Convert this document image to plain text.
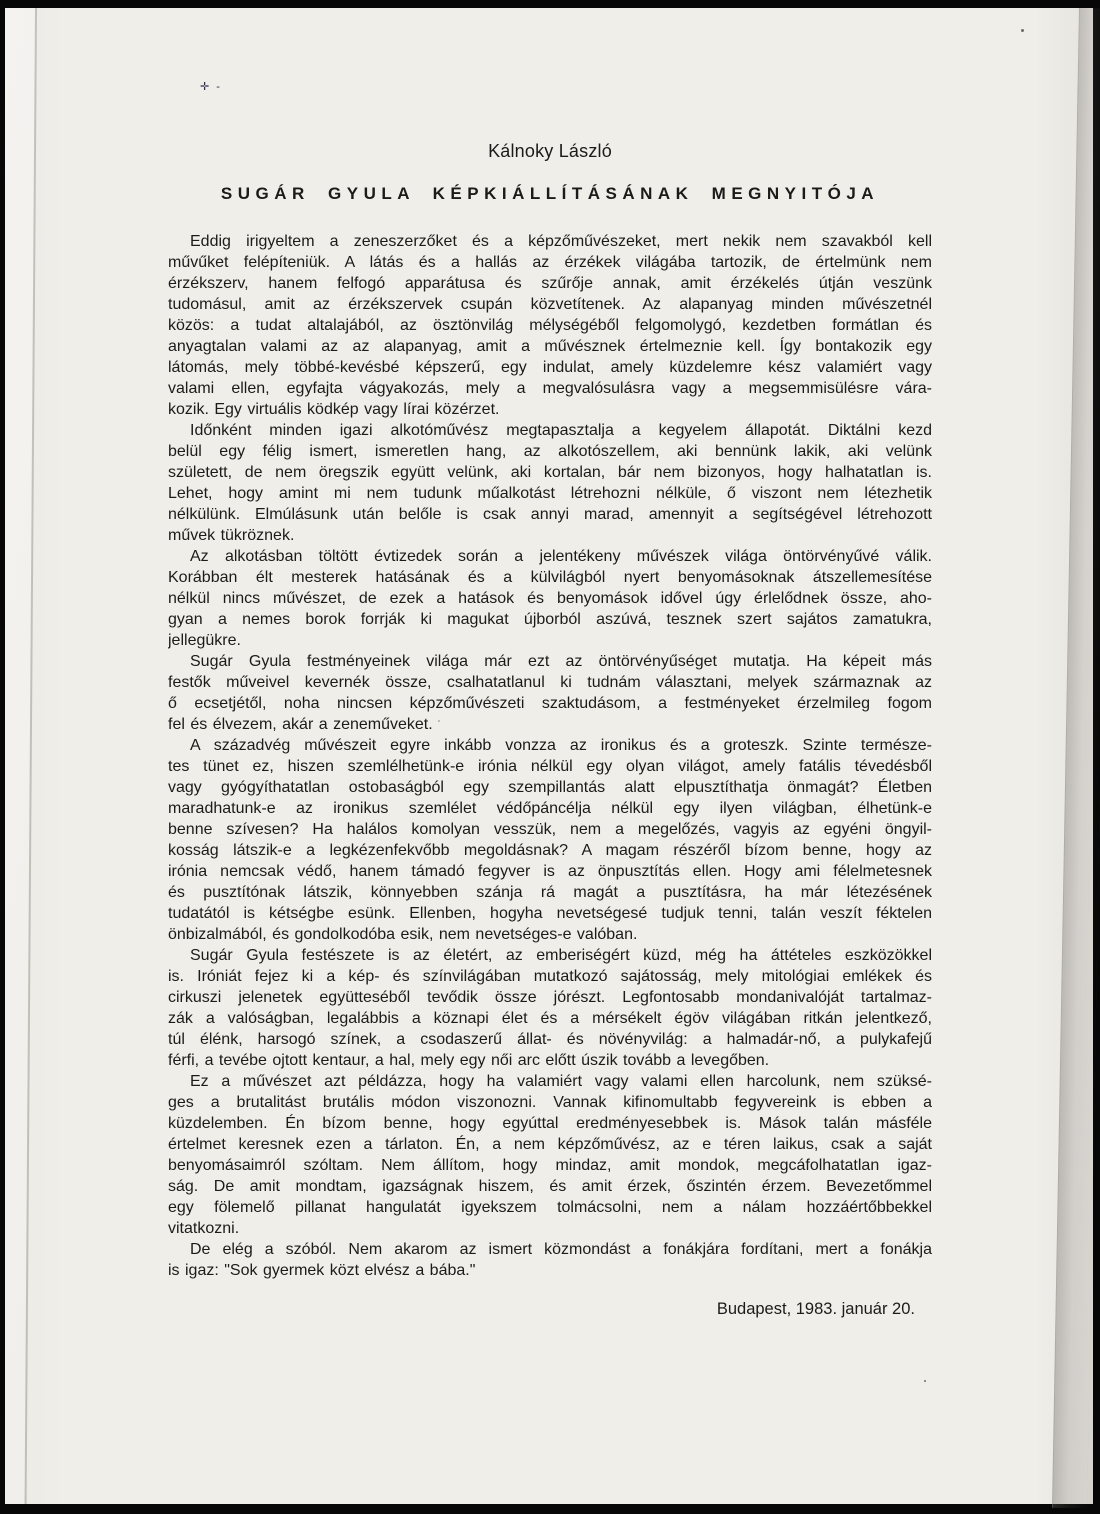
✛ -
Kálnoky László
SUGÁR GYULA KÉPKIÁLLÍTÁSÁNAK MEGNYITÓJA
Eddig irigyeltem a zeneszerzőket és a képzőművészeket, mert nekik nem szavakból kell
művűket felépíteniük. A látás és a hallás az érzékek világába tartozik, de értelmünk nem
érzékszerv, hanem felfogó apparátusa és szűrője annak, amit érzékelés útján veszünk
tudomásul, amit az érzékszervek csupán közvetítenek. Az alapanyag minden művészetnél
közös: a tudat altalajából, az ösztönvilág mélységéből felgomolygó, kezdetben formátlan és
anyagtalan valami az az alapanyag, amit a művésznek értelmeznie kell. Így bontakozik egy
látomás, mely többé-kevésbé képszerű, egy indulat, amely küzdelemre kész valamiért vagy
valami ellen, egyfajta vágyakozás, mely a megvalósulásra vagy a megsemmisülésre vára-
kozik. Egy virtuális ködkép vagy lírai közérzet.
Időnként minden igazi alkotóművész megtapasztalja a kegyelem állapotát. Diktálni kezd
belül egy félig ismert, ismeretlen hang, az alkotószellem, aki bennünk lakik, aki velünk
született, de nem öregszik együtt velünk, aki kortalan, bár nem bizonyos, hogy halhatatlan is.
Lehet, hogy amint mi nem tudunk műalkotást létrehozni nélküle, ő viszont nem létezhetik
nélkülünk. Elmúlásunk után belőle is csak annyi marad, amennyit a segítségével létrehozott
művek tükröznek.
Az alkotásban töltött évtizedek során a jelentékeny művészek világa öntörvényűvé válik.
Korábban élt mesterek hatásának és a külvilágból nyert benyomásoknak átszellemesítése
nélkül nincs művészet, de ezek a hatások és benyomások idővel úgy érlelődnek össze, aho-
gyan a nemes borok forrják ki magukat újborból aszúvá, tesznek szert sajátos zamatukra,
jellegükre.
Sugár Gyula festményeinek világa már ezt az öntörvényűséget mutatja. Ha képeit más
festők műveivel kevernék össze, csalhatatlanul ki tudnám választani, melyek származnak az
ő ecsetjétől, noha nincsen képzőművészeti szaktudásom, a festményeket érzelmileg fogom
fel és élvezem, akár a zeneműveket.
A századvég művészeit egyre inkább vonzza az ironikus és a groteszk. Szinte természe-
tes tünet ez, hiszen szemlélhetünk-e irónia nélkül egy olyan világot, amely fatális tévedésből
vagy gyógyíthatatlan ostobaságból egy szempillantás alatt elpusztíthatja önmagát? Életben
maradhatunk-e az ironikus szemlélet védőpáncélja nélkül egy ilyen világban, élhetünk-e
benne szívesen? Ha halálos komolyan vesszük, nem a megelőzés, vagyis az egyéni öngyil-
kosság látszik-e a legkézenfekvőbb megoldásnak? A magam részéről bízom benne, hogy az
irónia nemcsak védő, hanem támadó fegyver is az önpusztítás ellen. Hogy ami félelmetesnek
és pusztítónak látszik, könnyebben szánja rá magát a pusztításra, ha már létezésének
tudatától is kétségbe esünk. Ellenben, hogyha nevetségesé tudjuk tenni, talán veszít féktelen
önbizalmából, és gondolkodóba esik, nem nevetséges-e valóban.
Sugár Gyula festészete is az életért, az emberiségért küzd, még ha áttételes eszközökkel
is. Iróniát fejez ki a kép- és színvilágában mutatkozó sajátosság, mely mitológiai emlékek és
cirkuszi jelenetek együtteséből tevődik össze jórészt. Legfontosabb mondanivalóját tartalmaz-
zák a valóságban, legalábbis a köznapi élet és a mérsékelt égöv világában ritkán jelentkező,
túl élénk, harsogó színek, a csodaszerű állat- és növényvilág: a halmadár-nő, a pulykafejű
férfi, a tevébe ojtott kentaur, a hal, mely egy női arc előtt úszik tovább a levegőben.
Ez a művészet azt példázza, hogy ha valamiért vagy valami ellen harcolunk, nem szüksé-
ges a brutalitást brutális módon viszonozni. Vannak kifinomultabb fegyvereink is ebben a
küzdelemben. Én bízom benne, hogy egyúttal eredményesebbek is. Mások talán másféle
értelmet keresnek ezen a tárlaton. Én, a nem képzőművész, az e téren laikus, csak a saját
benyomásaimról szóltam. Nem állítom, hogy mindaz, amit mondok, megcáfolhatatlan igaz-
ság. De amit mondtam, igazságnak hiszem, és amit érzek, őszintén érzem. Bevezetőmmel
egy fölemelő pillanat hangulatát igyekszem tolmácsolni, nem a nálam hozzáértőbbekkel
vitatkozni.
De elég a szóból. Nem akarom az ismert közmondást a fonákjára fordítani, mert a fonákja
is igaz: "Sok gyermek közt elvész a bába."
Budapest, 1983. január 20.
